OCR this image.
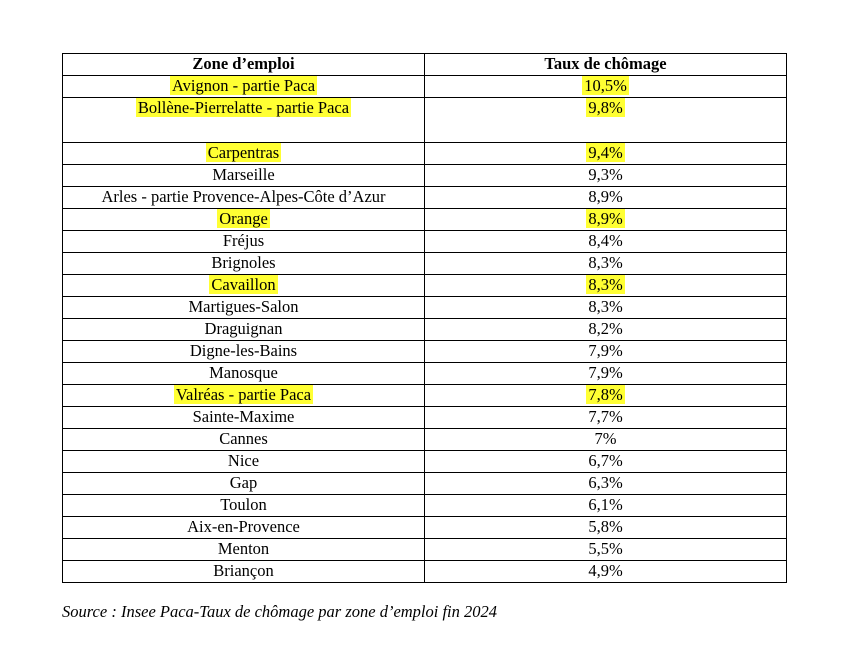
Zone d’emploi	Taux de chômage
Avignon - partie Paca	10,5%
Bollène-Pierrelatte - partie Paca	9,8%
Carpentras	9,4%
Marseille	9,3%
Arles - partie Provence-Alpes-Côte d’Azur	8,9%
Orange	8,9%
Fréjus	8,4%
Brignoles	8,3%
Cavaillon	8,3%
Martigues-Salon	8,3%
Draguignan	8,2%
Digne-les-Bains	7,9%
Manosque	7,9%
Valréas - partie Paca	7,8%
Sainte-Maxime	7,7%
Cannes	7%
Nice	6,7%
Gap	6,3%
Toulon	6,1%
Aix-en-Provence	5,8%
Menton	5,5%
Briançon	4,9%
Source : Insee Paca-Taux de chômage par zone d’emploi fin 2024
